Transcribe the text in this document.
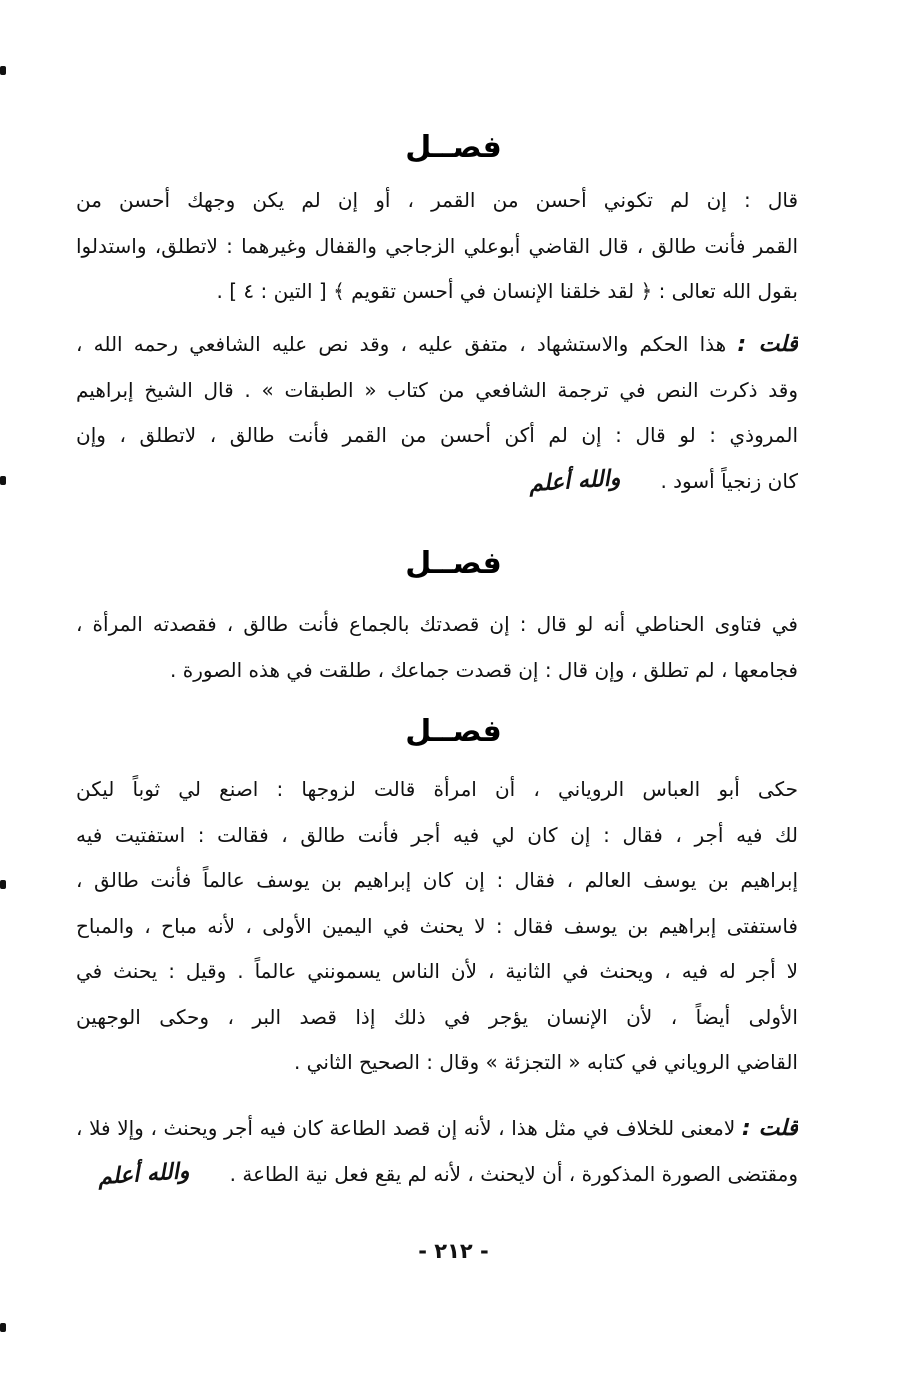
فصــل
قال : إن لم تكوني أحسن من القمر ، أو إن لم يكن وجهك أحسن من
القمر فأنت طالق ، قال القاضي أبوعلي الزجاجي والقفال وغيرهما : لاتطلق، واستدلوا
بقول الله تعالى : ﴿ لقد خلقنا الإنسان في أحسن تقويم ﴾ [ التين : ٤ ] .
قلت : هذا الحكم والاستشهاد ، متفق عليه ، وقد نص عليه الشافعي رحمه الله ،
وقد ذكرت النص في ترجمة الشافعي من كتاب « الطبقات » . قال الشيخ إبراهيم
المروذي : لو قال : إن لم أكن أحسن من القمر فأنت طالق ، لاتطلق ، وإن
كان زنجياً أسود .والله أعلم
فصــل
في فتاوى الحناطي أنه لو قال : إن قصدتك بالجماع فأنت طالق ، فقصدته المرأة ،
فجامعها ، لم تطلق ، وإن قال : إن قصدت جماعك ، طلقت في هذه الصورة .
فصــل
حكى أبو العباس الروياني ، أن امرأة قالت لزوجها : اصنع لي ثوباً ليكن
لك فيه أجر ، فقال : إن كان لي فيه أجر فأنت طالق ، فقالت : استفتيت فيه
إبراهيم بن يوسف العالم ، فقال : إن كان إبراهيم بن يوسف عالماً فأنت طالق ،
فاستفتى إبراهيم بن يوسف فقال : لا يحنث في اليمين الأولى ، لأنه مباح ، والمباح
لا أجر له فيه ، ويحنث في الثانية ، لأن الناس يسمونني عالماً . وقيل : يحنث في
الأولى أيضاً ، لأن الإنسان يؤجر في ذلك إذا قصد البر ، وحكى الوجهين
القاضي الروياني في كتابه « التجزئة » وقال : الصحيح الثاني .
قلت : لامعنى للخلاف في مثل هذا ، لأنه إن قصد الطاعة كان فيه أجر ويحنث ، وإلا فلا ،
ومقتضى الصورة المذكورة ، أن لايحنث ، لأنه لم يقع فعل نية الطاعة .والله أعلم
- ٢١٢ -
